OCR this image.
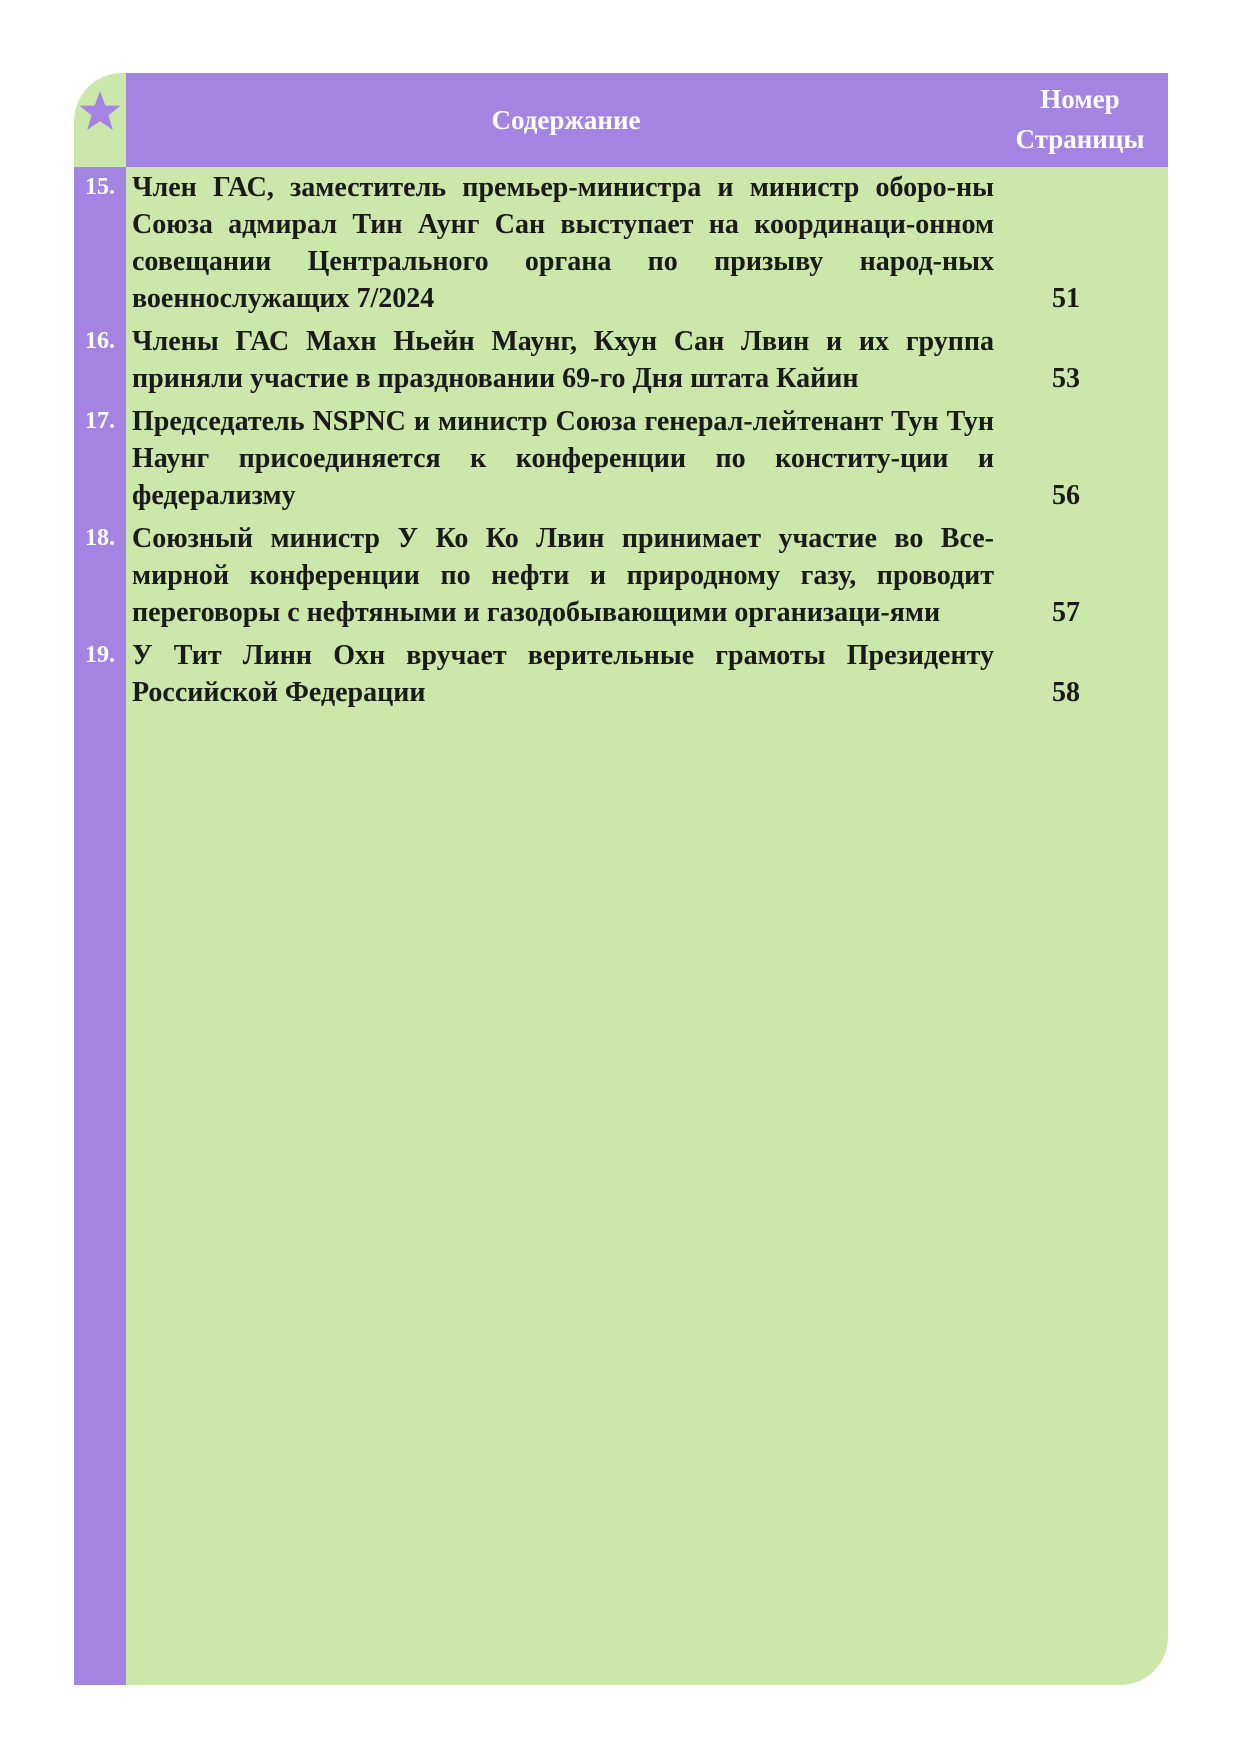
Содержание
Номер
Страницы
15. Член ГАС, заместитель премьер-министра и министр оборо-ны Союза адмирал Тин Аунг Сан выступает на координаци-онном совещании Центрального органа по призыву народ-ных военнослужащих 7/2024	51
16. Члены ГАС Махн Ньейн Маунг, Кхун Сан Лвин и их группа приняли участие в праздновании 69-го Дня штата Кайин	53
17. Председатель NSPNC и министр Союза генерал-лейтенант Тун Тун Наунг присоединяется к конференции по конститу-ции и федерализму	56
18. Союзный министр У Ко Ко Лвин принимает участие во Все-мирной конференции по нефти и природному газу, проводит переговоры с нефтяными и газодобывающими организаци-ями	57
19. У Тит Линн Охн вручает верительные грамоты Президенту Российской Федерации	58
